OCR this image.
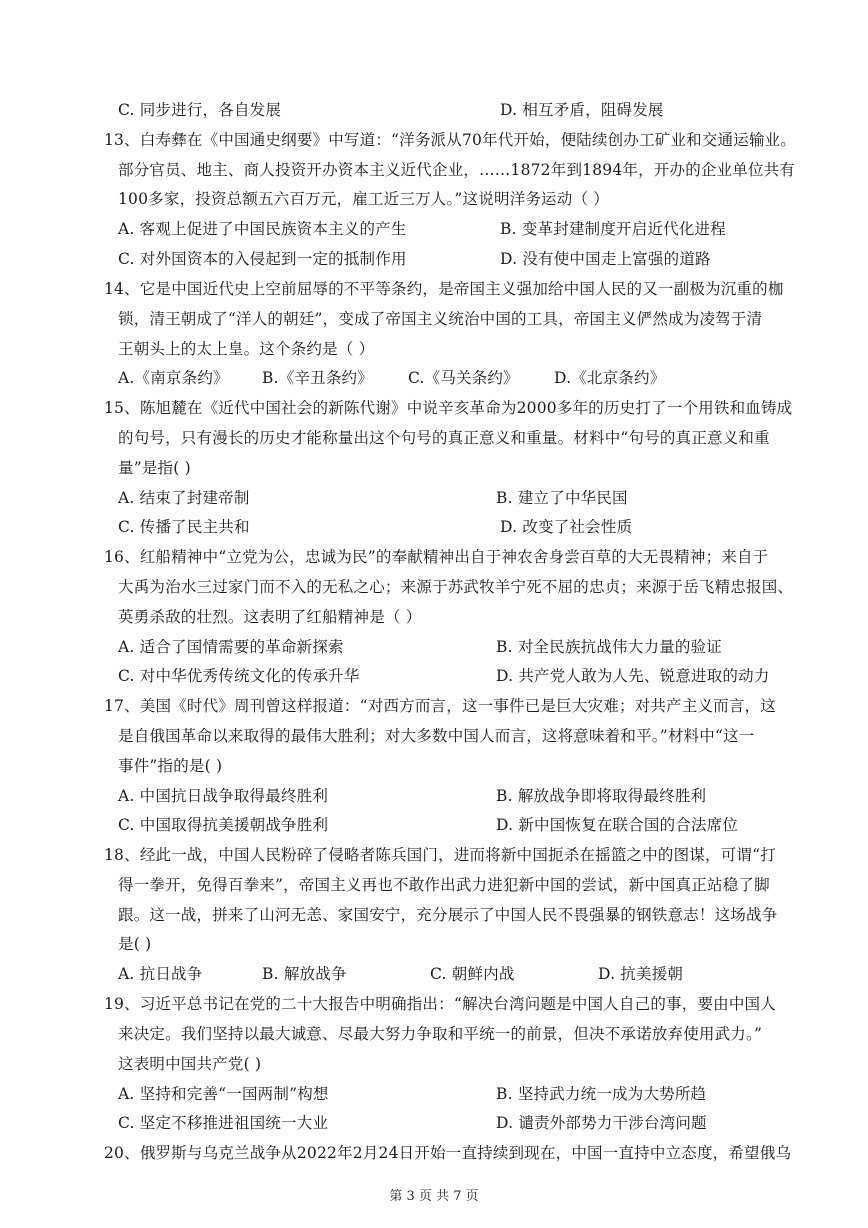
C. 同步进行，各自发展	D. 相互矛盾，阻碍发展
13、白寿彝在《中国通史纲要》中写道：“洋务派从70年代开始，便陆续创办工矿业和交通运输业。
部分官员、地主、商人投资开办资本主义近代企业，……1872年到1894年，开办的企业单位共有
100多家，投资总额五六百万元，雇工近三万人。”这说明洋务运动（ ）
A. 客观上促进了中国民族资本主义的产生	B. 变革封建制度开启近代化进程
C. 对外国资本的入侵起到一定的抵制作用	D. 没有使中国走上富强的道路
14、它是中国近代史上空前屈辱的不平等条约，是帝国主义强加给中国人民的又一副极为沉重的枷
锁，清王朝成了“洋人的朝廷”，变成了帝国主义统治中国的工具，帝国主义俨然成为凌驾于清
王朝头上的太上皇。这个条约是（ ）
A.《南京条约》 B.《辛丑条约》 C.《马关条约》 D.《北京条约》
15、陈旭麓在《近代中国社会的新陈代谢》中说辛亥革命为2000多年的历史打了一个用铁和血铸成
的句号，只有漫长的历史才能称量出这个句号的真正意义和重量。材料中“句号的真正意义和重
量”是指( )
A. 结束了封建帝制	B. 建立了中华民国
C. 传播了民主共和	D. 改变了社会性质
16、红船精神中“立党为公，忠诚为民”的奉献精神出自于神农舍身尝百草的大无畏精神；来自于
大禹为治水三过家门而不入的无私之心；来源于苏武牧羊宁死不屈的忠贞；来源于岳飞精忠报国、
英勇杀敌的壮烈。这表明了红船精神是（ ）
A. 适合了国情需要的革命新探索	B. 对全民族抗战伟大力量的验证
C. 对中华优秀传统文化的传承升华	D. 共产党人敢为人先、锐意进取的动力
17、美国《时代》周刊曾这样报道：“对西方而言，这一事件已是巨大灾难；对共产主义而言，这
是自俄国革命以来取得的最伟大胜利；对大多数中国人而言，这将意味着和平。”材料中“这一
事件”指的是( )
A. 中国抗日战争取得最终胜利	B. 解放战争即将取得最终胜利
C. 中国取得抗美援朝战争胜利	D. 新中国恢复在联合国的合法席位
18、经此一战，中国人民粉碎了侵略者陈兵国门，进而将新中国扼杀在摇篮之中的图谋，可谓“打
得一拳开，免得百拳来”，帝国主义再也不敢作出武力进犯新中国的尝试，新中国真正站稳了脚
跟。这一战，拼来了山河无恙、家国安宁，充分展示了中国人民不畏强暴的钢铁意志！这场战争
是( )
A. 抗日战争	B. 解放战争	C. 朝鲜内战	D. 抗美援朝
19、习近平总书记在党的二十大报告中明确指出：“解决台湾问题是中国人自己的事，要由中国人
来决定。我们坚持以最大诚意、尽最大努力争取和平统一的前景，但决不承诺放弃使用武力。”
这表明中国共产党( )
A. 坚持和完善“一国两制”构想	B. 坚持武力统一成为大势所趋
C. 坚定不移推进祖国统一大业	D. 谴责外部势力干涉台湾问题
20、俄罗斯与乌克兰战争从2022年2月24日开始一直持续到现在，中国一直持中立态度，希望俄乌
第 3 页 共 7 页
